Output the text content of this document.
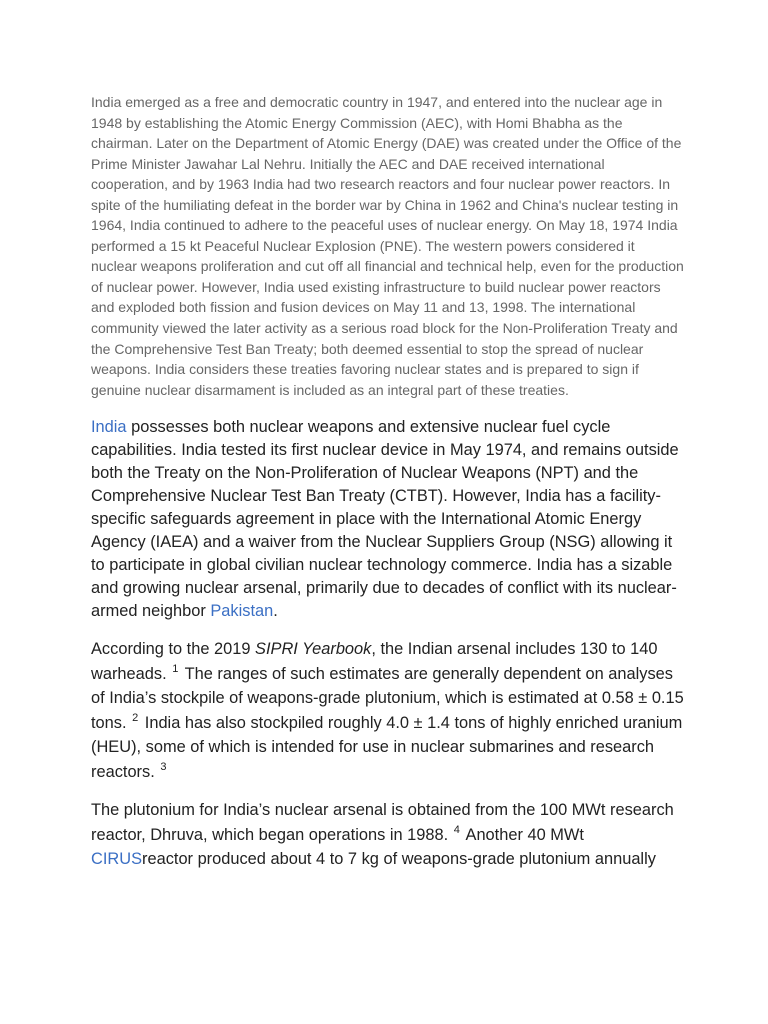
India emerged as a free and democratic country in 1947, and entered into the nuclear age in 1948 by establishing the Atomic Energy Commission (AEC), with Homi Bhabha as the chairman. Later on the Department of Atomic Energy (DAE) was created under the Office of the Prime Minister Jawahar Lal Nehru. Initially the AEC and DAE received international cooperation, and by 1963 India had two research reactors and four nuclear power reactors. In spite of the humiliating defeat in the border war by China in 1962 and China's nuclear testing in 1964, India continued to adhere to the peaceful uses of nuclear energy. On May 18, 1974 India performed a 15 kt Peaceful Nuclear Explosion (PNE). The western powers considered it nuclear weapons proliferation and cut off all financial and technical help, even for the production of nuclear power. However, India used existing infrastructure to build nuclear power reactors and exploded both fission and fusion devices on May 11 and 13, 1998. The international community viewed the later activity as a serious road block for the Non-Proliferation Treaty and the Comprehensive Test Ban Treaty; both deemed essential to stop the spread of nuclear weapons. India considers these treaties favoring nuclear states and is prepared to sign if genuine nuclear disarmament is included as an integral part of these treaties.

India possesses both nuclear weapons and extensive nuclear fuel cycle capabilities. India tested its first nuclear device in May 1974, and remains outside both the Treaty on the Non-Proliferation of Nuclear Weapons (NPT) and the Comprehensive Nuclear Test Ban Treaty (CTBT). However, India has a facility-specific safeguards agreement in place with the International Atomic Energy Agency (IAEA) and a waiver from the Nuclear Suppliers Group (NSG) allowing it to participate in global civilian nuclear technology commerce. India has a sizable and growing nuclear arsenal, primarily due to decades of conflict with its nuclear-armed neighbor Pakistan.

According to the 2019 SIPRI Yearbook, the Indian arsenal includes 130 to 140 warheads. $^1$ The ranges of such estimates are generally dependent on analyses of India’s stockpile of weapons-grade plutonium, which is estimated at 0.58 ± 0.15 tons. $^2$ India has also stockpiled roughly 4.0 ± 1.4 tons of highly enriched uranium (HEU), some of which is intended for use in nuclear submarines and research reactors. $^3$

The plutonium for India’s nuclear arsenal is obtained from the 100 MWt research reactor, Dhruva, which began operations in 1988. $^4$ Another 40 MWt CIRUSreactor produced about 4 to 7 kg of weapons-grade plutonium annually
